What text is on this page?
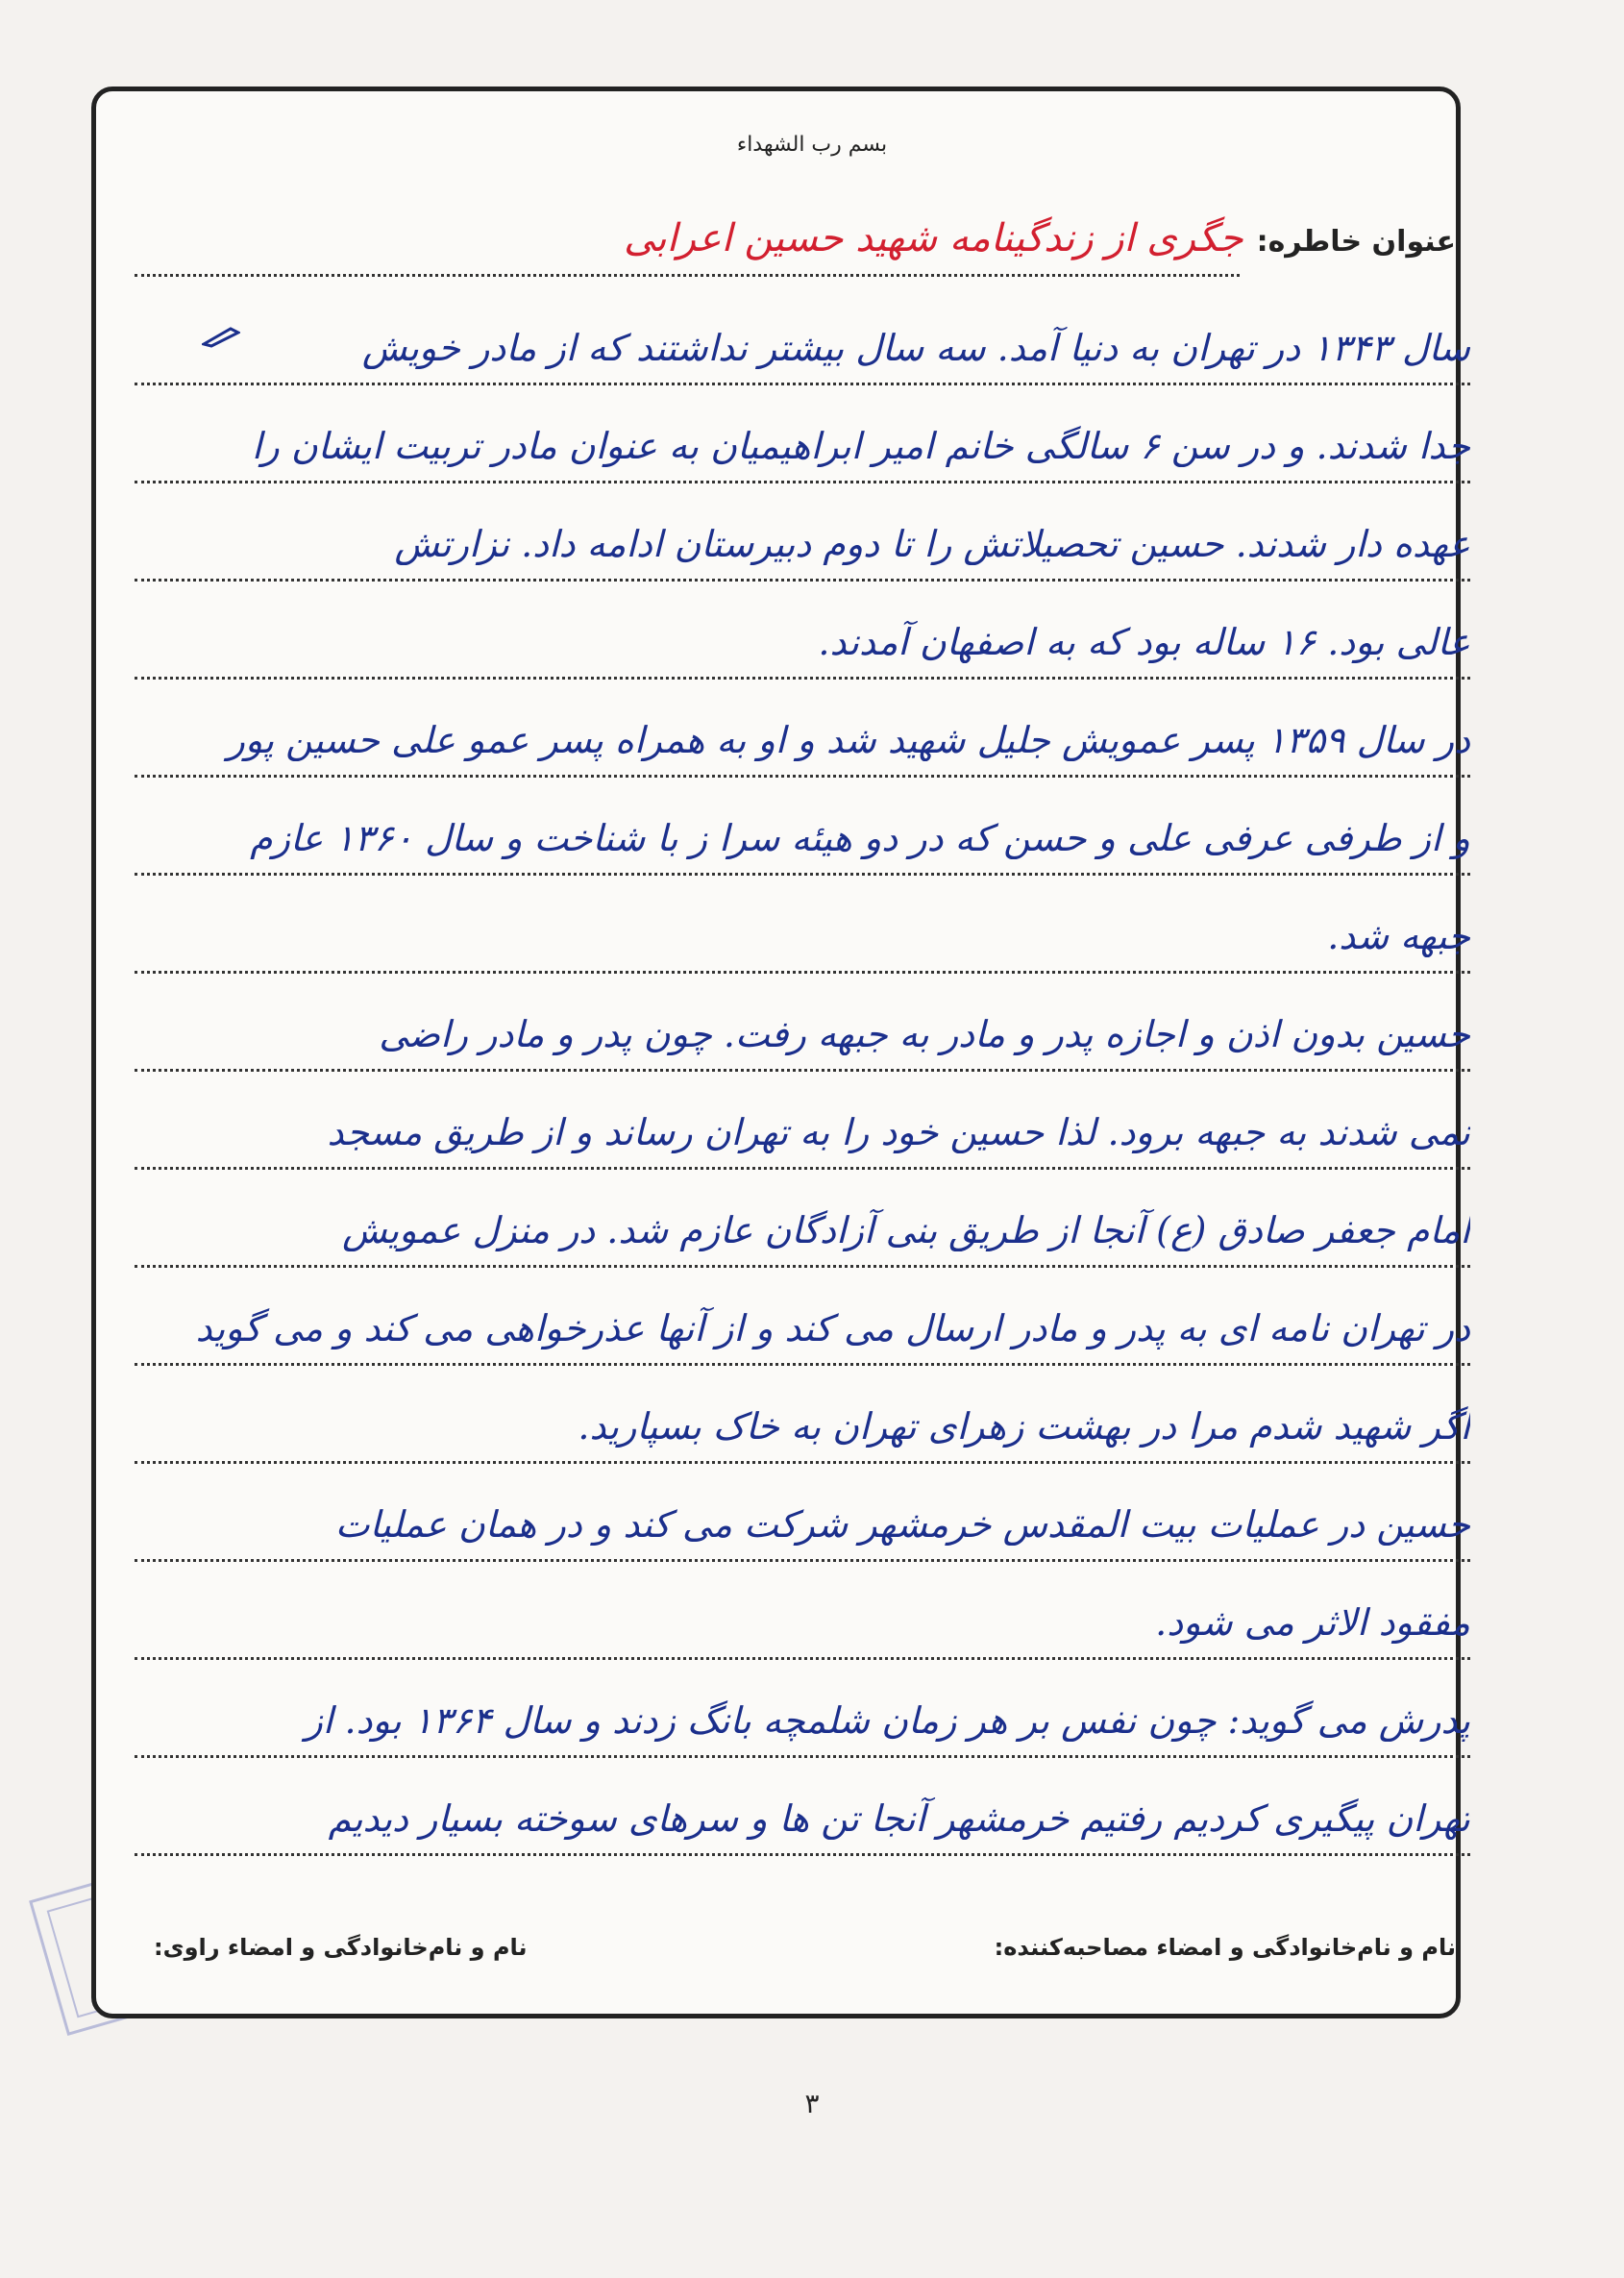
بسم رب الشهداء
عنوان خاطره:
جگری از زندگینامه شهید حسین اعرابی
سال ۱۳۴۳ در تهران به دنیا آمد. سه سال بیشتر نداشتند که از مادر خویش
جدا شدند. و در سن ۶ سالگی خانم امیر ابراهیمیان به عنوان مادر تربیت ایشان را
عهده دار شدند. حسین تحصیلاتش را تا دوم دبیرستان ادامه داد. نزارتش
عالی بود. ۱۶ ساله بود که به اصفهان آمدند.
در سال ۱۳۵۹ پسر عمویش جلیل شهید شد و او به همراه پسر عمو علی حسین پور
و از طرفی عرفی علی و حسن که در دو هیئه سرا ز با شناخت و سال ۱۳۶۰ عازم
جبهه شد.
حسین بدون اذن و اجازه پدر و مادر به جبهه رفت. چون پدر و مادر راضی
نمی شدند به جبهه برود. لذا حسین خود را به تهران رساند و از طریق مسجد
امام جعفر صادق (ع) آنجا از طریق بنی آزادگان عازم شد. در منزل عمویش
در تهران نامه ای به پدر و مادر ارسال می کند و از آنها عذرخواهی می کند و می گوید
اگر شهید شدم مرا در بهشت زهرای تهران به خاک بسپارید.
حسین در عملیات بیت المقدس خرمشهر شرکت می کند و در همان عملیات
مفقود الاثر می شود.
پدرش می گوید: چون نفس بر هر زمان شلمچه بانگ زدند و سال ۱۳۶۴ بود. از
تهران پیگیری کردیم رفتیم خرمشهر آنجا تن ها و سرهای سوخته بسیار دیدیم
نام و نام‌خانوادگی و امضاء مصاحبه‌کننده:
نام و نام‌خانوادگی و امضاء راوی:
۳
